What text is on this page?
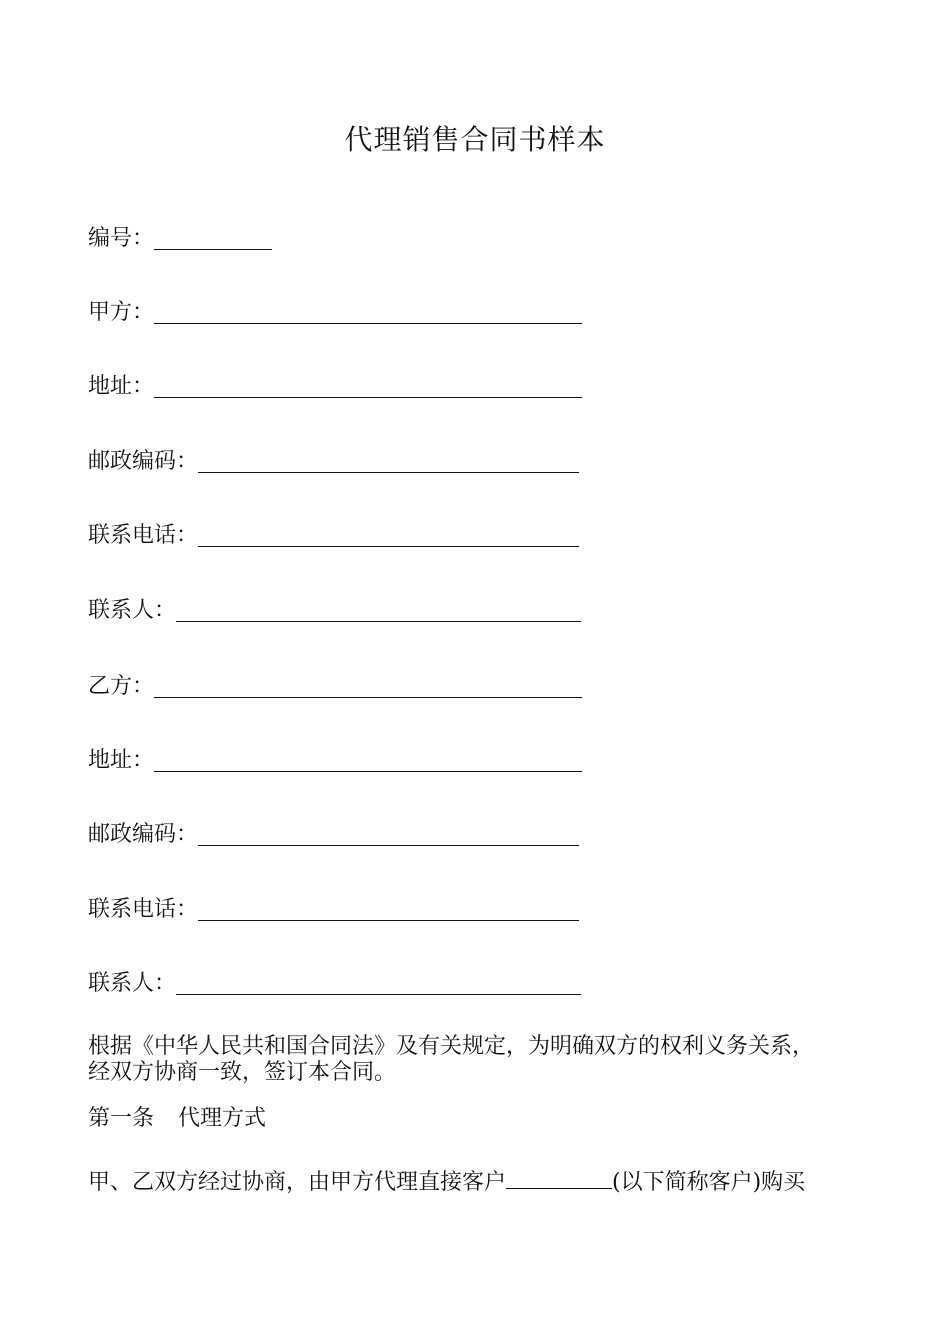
代理销售合同书样本
编号：
甲方：
地址：
邮政编码：
联系电话：
联系人：
乙方：
地址：
邮政编码：
联系电话：
联系人：

根据《中华人民共和国合同法》及有关规定，为明确双方的权利义务关系，
经双方协商一致，签订本合同。

第一条 代理方式

甲、乙双方经过协商，由甲方代理直接客户	(以下简称客户)购买
